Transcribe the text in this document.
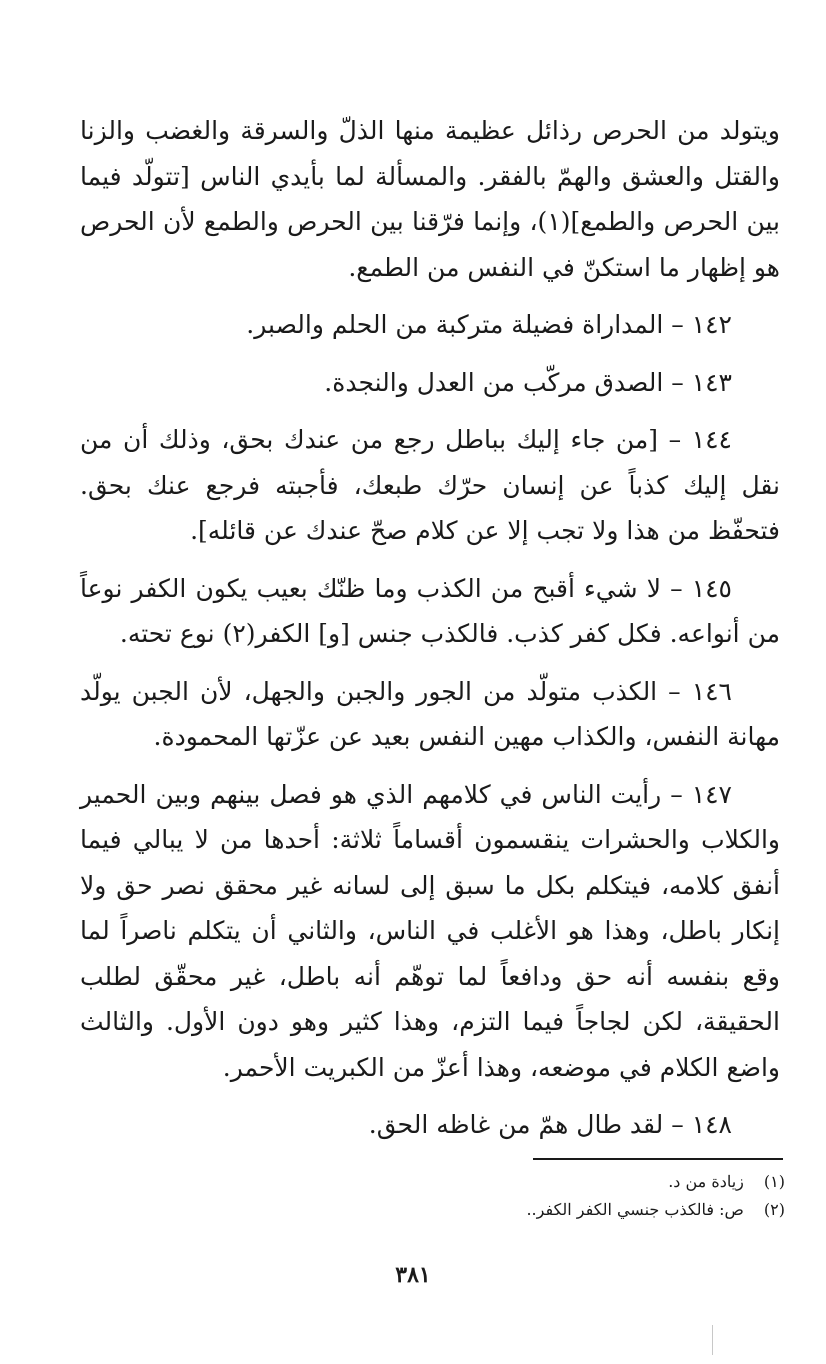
ويتولد من الحرص رذائل عظيمة منها الذلّ والسرقة والغضب والزنا والقتل والعشق والهمّ بالفقر. والمسألة لما بأيدي الناس [تتولّد فيما بين الحرص والطمع](١)، وإنما فرّقنا بين الحرص والطمع لأن الحرص هو إظهار ما استكنّ في النفس من الطمع.

١٤٢ – المداراة فضيلة متركبة من الحلم والصبر.

١٤٣ – الصدق مركّب من العدل والنجدة.

١٤٤ – [من جاء إليك بباطل رجع من عندك بحق، وذلك أن من نقل إليك كذباً عن إنسان حرّك طبعك، فأجبته فرجع عنك بحق. فتحفّظ من هذا ولا تجب إلا عن كلام صحّ عندك عن قائله].

١٤٥ – لا شيء أقبح من الكذب وما ظنّك بعيب يكون الكفر نوعاً من أنواعه. فكل كفر كذب. فالكذب جنس [و] الكفر(٢) نوع تحته.

١٤٦ – الكذب متولّد من الجور والجبن والجهل، لأن الجبن يولّد مهانة النفس، والكذاب مهين النفس بعيد عن عزّتها المحمودة.

١٤٧ – رأيت الناس في كلامهم الذي هو فصل بينهم وبين الحمير والكلاب والحشرات ينقسمون أقساماً ثلاثة: أحدها من لا يبالي فيما أنفق كلامه، فيتكلم بكل ما سبق إلى لسانه غير محقق نصر حق ولا إنكار باطل، وهذا هو الأغلب في الناس، والثاني أن يتكلم ناصراً لما وقع بنفسه أنه حق ودافعاً لما توهّم أنه باطل، غير محقّق لطلب الحقيقة، لكن لجاجاً فيما التزم، وهذا كثير وهو دون الأول. والثالث واضع الكلام في موضعه، وهذا أعزّ من الكبريت الأحمر.

١٤٨ – لقد طال همّ من غاظه الحق.

(١) زيادة من د.

(٢) ص: فالكذب جنسي الكفر الكفر..

٣٨١
